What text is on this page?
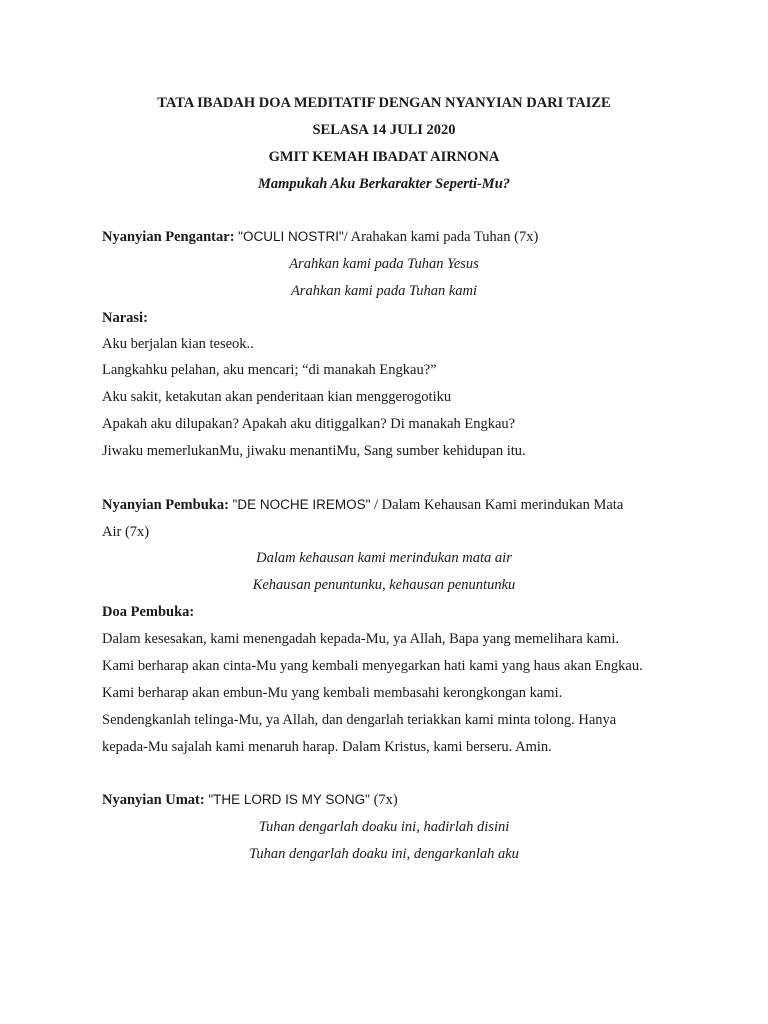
TATA IBADAH DOA MEDITATIF DENGAN NYANYIAN DARI TAIZE
SELASA 14 JULI 2020
GMIT KEMAH IBADAT AIRNONA
Mampukah Aku Berkarakter Seperti-Mu?
Nyanyian Pengantar: "OCULI NOSTRI"/ Arahakan kami pada Tuhan (7x)
Arahkan kami pada Tuhan Yesus
Arahkan kami pada Tuhan kami
Narasi:
Aku berjalan kian teseok..
Langkahku pelahan, aku mencari; “di manakah Engkau?”
Aku sakit, ketakutan akan penderitaan kian menggerogotiku
Apakah aku dilupakan? Apakah aku ditiggalkan? Di manakah Engkau?
Jiwaku memerlukanMu, jiwaku menantiMu, Sang sumber kehidupan itu.
Nyanyian Pembuka: "DE NOCHE IREMOS" / Dalam Kehausan Kami merindukan Mata
Air (7x)
Dalam kehausan kami merindukan mata air
Kehausan penuntunku, kehausan penuntunku
Doa Pembuka:
Dalam kesesakan, kami menengadah kepada-Mu, ya Allah, Bapa yang memelihara kami.
Kami berharap akan cinta-Mu yang kembali menyegarkan hati kami yang haus akan Engkau.
Kami berharap akan embun-Mu yang kembali membasahi kerongkongan kami.
Sendengkanlah telinga-Mu, ya Allah, dan dengarlah teriakkan kami minta tolong. Hanya
kepada-Mu sajalah kami menaruh harap. Dalam Kristus, kami berseru. Amin.
Nyanyian Umat: "THE LORD IS MY SONG" (7x)
Tuhan dengarlah doaku ini, hadirlah disini
Tuhan dengarlah doaku ini, dengarkanlah aku
